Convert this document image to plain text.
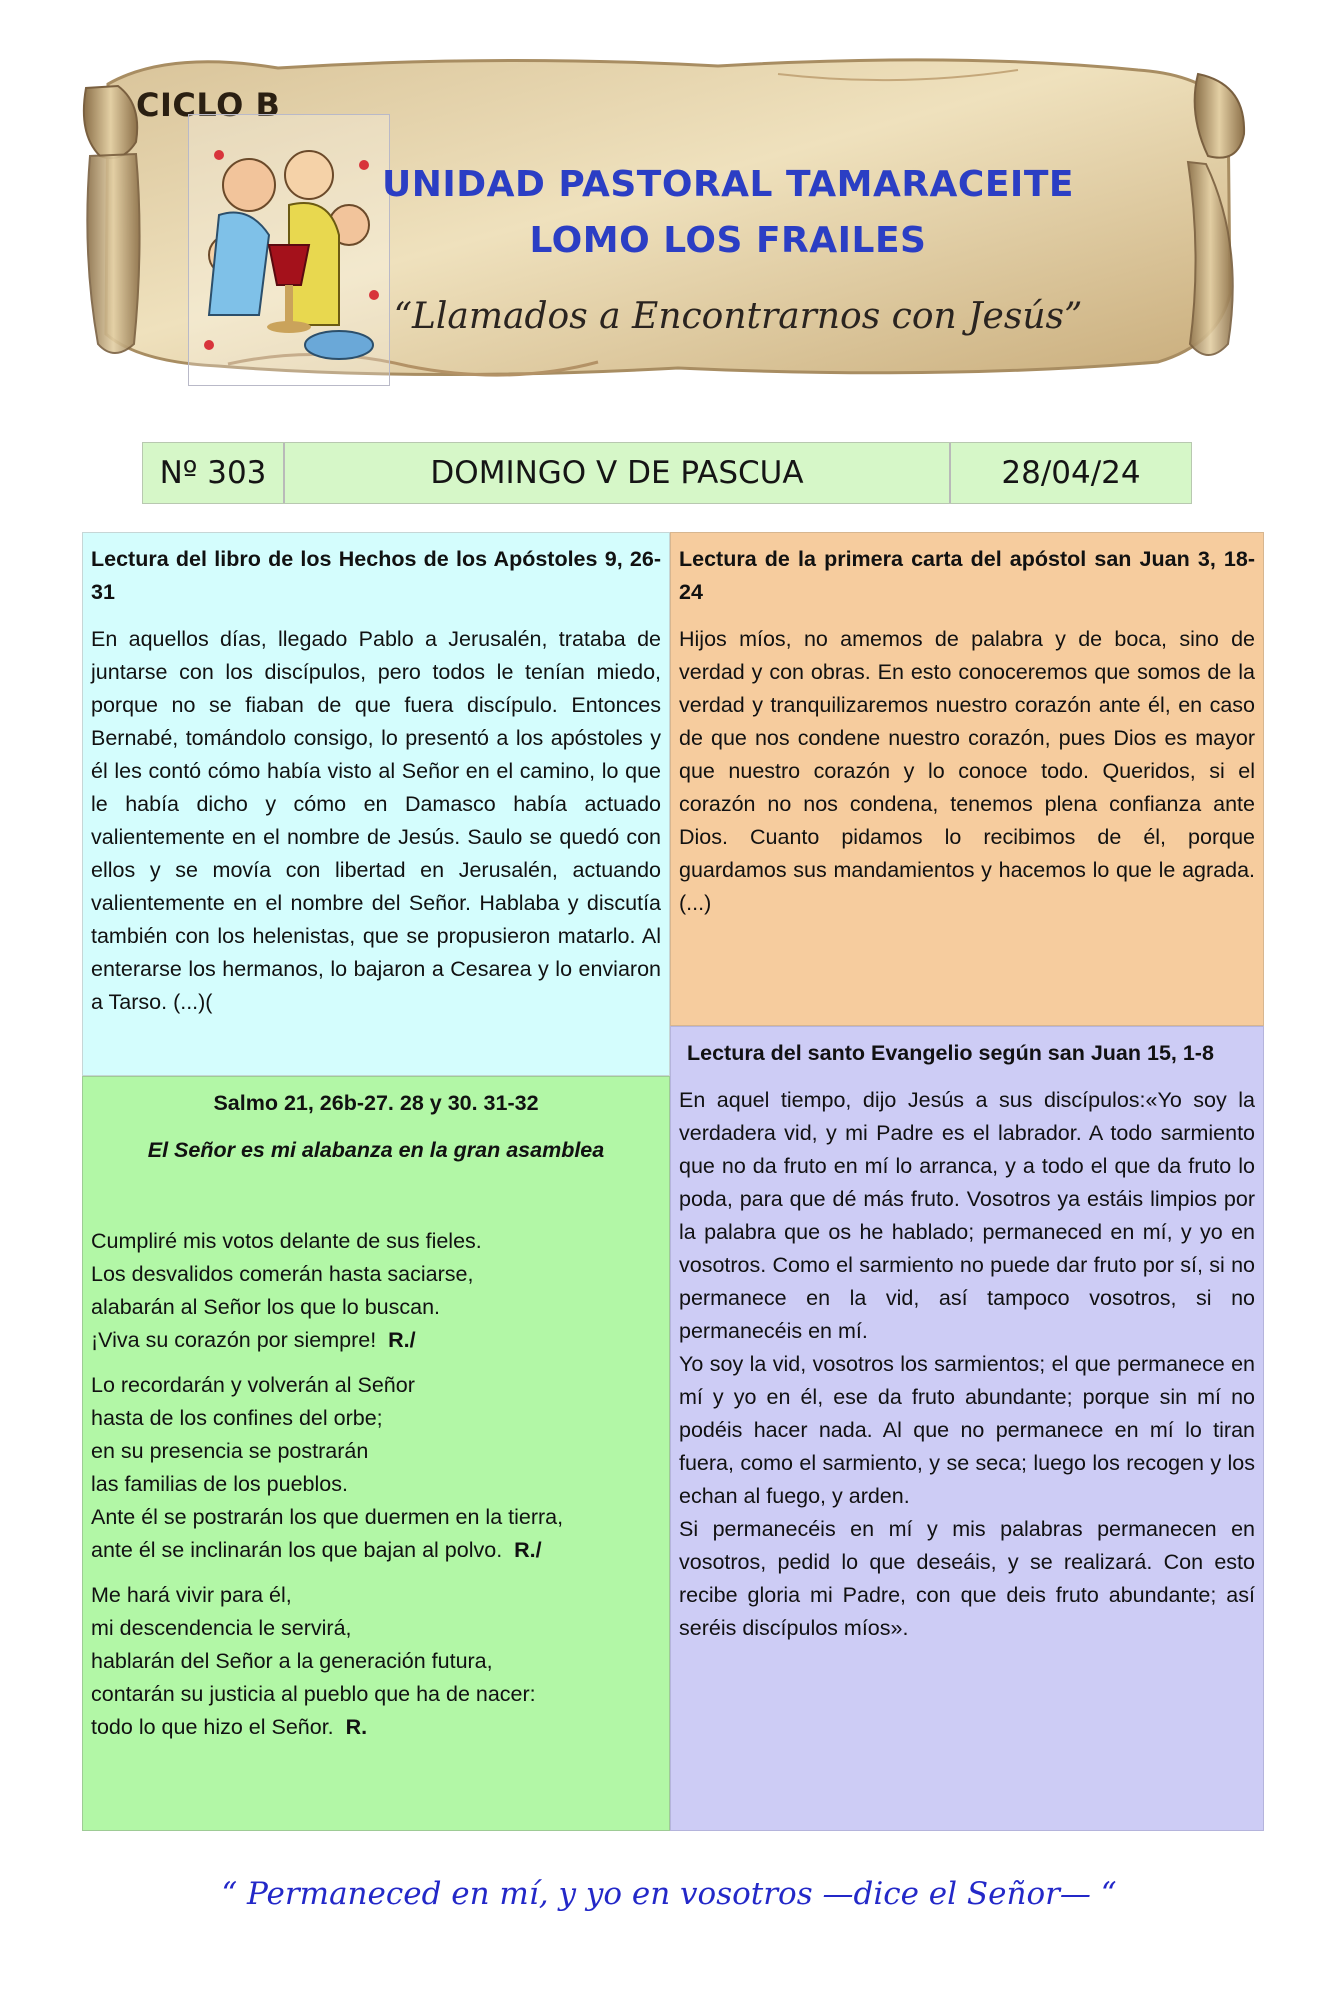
CICLO B
UNIDAD PASTORAL TAMARACEITE
LOMO LOS FRAILES
“Llamados a Encontrarnos con Jesús”
Nº 303	DOMINGO V DE PASCUA	28/04/24
Lectura del libro de los Hechos de los Apóstoles 9, 26-31
En aquellos días, llegado Pablo a Jerusalén, trataba de juntarse con los discípulos, pero todos le tenían miedo, porque no se fiaban de que fuera discípulo. Entonces Bernabé, tomándolo consigo, lo presentó a los apóstoles y él les contó cómo había visto al Señor en el camino, lo que le había dicho y cómo en Damasco había actuado valientemente en el nombre de Jesús. Saulo se quedó con ellos y se movía con libertad en Jerusalén, actuando valientemente en el nombre del Señor. Hablaba y discutía también con los helenistas, que se propusieron matarlo. Al enterarse los hermanos, lo bajaron a Cesarea y lo enviaron a Tarso. (...)(
Lectura de la primera carta del apóstol san Juan 3, 18-24
Hijos míos, no amemos de palabra y de boca, sino de verdad y con obras. En esto conoceremos que somos de la verdad y tranquilizaremos nuestro corazón ante él, en caso de que nos condene nuestro corazón, pues Dios es mayor que nuestro corazón y lo conoce todo. Queridos, si el corazón no nos condena, tenemos plena confianza ante Dios. Cuanto pidamos lo recibimos de él, porque guardamos sus mandamientos y hacemos lo que le agrada. (...)
Salmo 21, 26b-27. 28 y 30. 31-32
El Señor es mi alabanza en la gran asamblea
Cumpliré mis votos delante de sus fieles.
Los desvalidos comerán hasta saciarse,
alabarán al Señor los que lo buscan.
¡Viva su corazón por siempre! R./
Lo recordarán y volverán al Señor
hasta de los confines del orbe;
en su presencia se postrarán
las familias de los pueblos.
Ante él se postrarán los que duermen en la tierra,
ante él se inclinarán los que bajan al polvo. R./
Me hará vivir para él,
mi descendencia le servirá,
hablarán del Señor a la generación futura,
contarán su justicia al pueblo que ha de nacer:
todo lo que hizo el Señor. R.
Lectura del santo Evangelio según san Juan 15, 1-8

En aquel tiempo, dijo Jesús a sus discípulos:«Yo soy la verdadera vid, y mi Padre es el labrador. A todo sarmiento que no da fruto en mí lo arranca, y a todo el que da fruto lo poda, para que dé más fruto. Vosotros ya estáis limpios por la palabra que os he hablado; permaneced en mí, y yo en vosotros. Como el sarmiento no puede dar fruto por sí, si no permanece en la vid, así tampoco vosotros, si no permanecéis en mí.

Yo soy la vid, vosotros los sarmientos; el que permanece en mí y yo en él, ese da fruto abundante; porque sin mí no podéis hacer nada. Al que no permanece en mí lo tiran fuera, como el sarmiento, y se seca; luego los recogen y los echan al fuego, y arden.

Si permanecéis en mí y mis palabras permanecen en vosotros, pedid lo que deseáis, y se realizará. Con esto recibe gloria mi Padre, con que deis fruto abundante; así seréis discípulos míos».

“ Permaneced en mí, y yo en vosotros —dice el Señor— “
